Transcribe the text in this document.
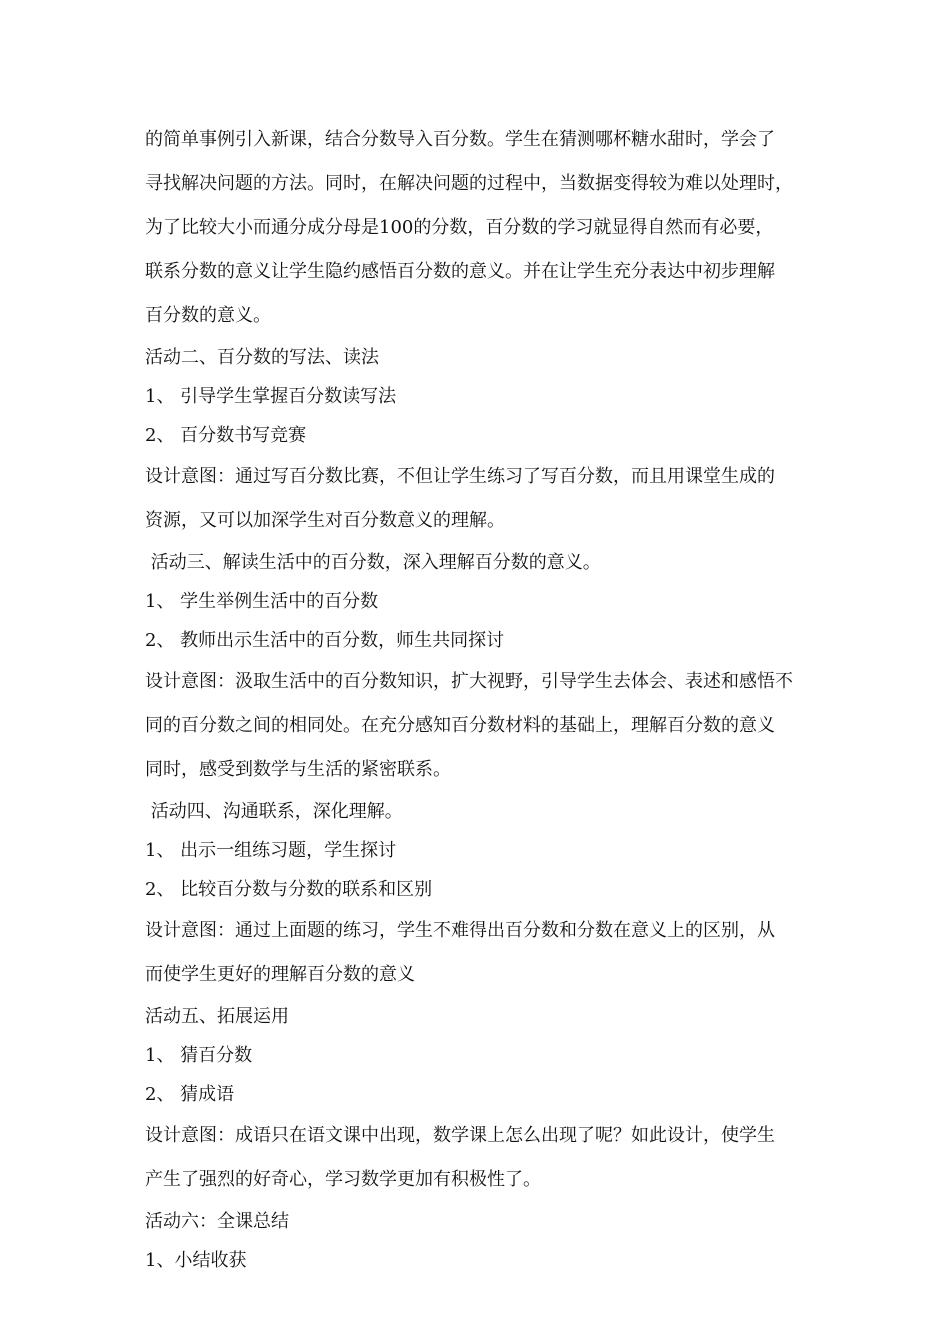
的简单事例引入新课，结合分数导入百分数。学生在猜测哪杯糖水甜时，学会了
寻找解决问题的方法。同时，在解决问题的过程中，当数据变得较为难以处理时，
为了比较大小而通分成分母是100的分数，百分数的学习就显得自然而有必要，
联系分数的意义让学生隐约感悟百分数的意义。并在让学生充分表达中初步理解
百分数的意义。
活动二、百分数的写法、读法
1、 引导学生掌握百分数读写法
2、 百分数书写竞赛
设计意图：通过写百分数比赛，不但让学生练习了写百分数，而且用课堂生成的
资源，又可以加深学生对百分数意义的理解。
活动三、解读生活中的百分数，深入理解百分数的意义。
1、 学生举例生活中的百分数
2、 教师出示生活中的百分数，师生共同探讨
设计意图：汲取生活中的百分数知识，扩大视野，引导学生去体会、表述和感悟不
同的百分数之间的相同处。在充分感知百分数材料的基础上，理解百分数的意义
同时，感受到数学与生活的紧密联系。
活动四、沟通联系，深化理解。
1、 出示一组练习题，学生探讨
2、 比较百分数与分数的联系和区别
设计意图：通过上面题的练习，学生不难得出百分数和分数在意义上的区别，从
而使学生更好的理解百分数的意义
活动五、拓展运用
1、 猜百分数
2、 猜成语
设计意图：成语只在语文课中出现，数学课上怎么出现了呢？如此设计，使学生
产生了强烈的好奇心，学习数学更加有积极性了。
活动六：全课总结
1、小结收获
